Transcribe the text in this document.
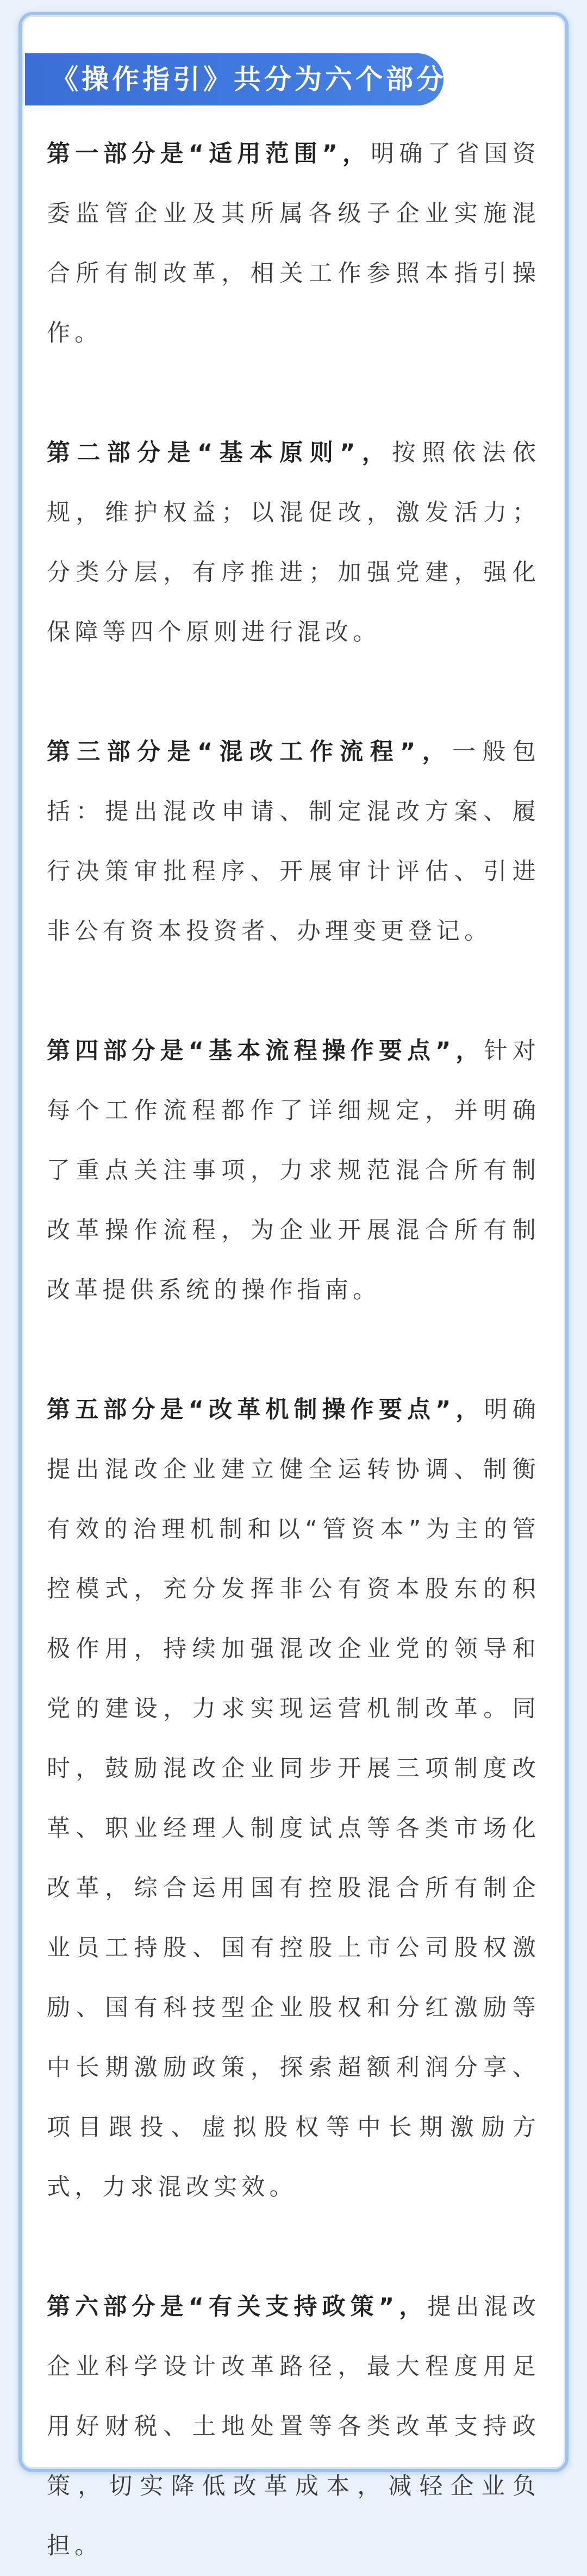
《操作指引》共分为六个部分

第一部分是“适用范围”，明确了省国资委监管企业及其所属各级子企业实施混合所有制改革，相关工作参照本指引操作。

第二部分是“基本原则”，按照依法依规，维护权益；以混促改，激发活力；分类分层，有序推进；加强党建，强化保障等四个原则进行混改。

第三部分是“混改工作流程”，一般包括：提出混改申请、制定混改方案、履行决策审批程序、开展审计评估、引进非公有资本投资者、办理变更登记。

第四部分是“基本流程操作要点”，针对每个工作流程都作了详细规定，并明确了重点关注事项，力求规范混合所有制改革操作流程，为企业开展混合所有制改革提供系统的操作指南。

第五部分是“改革机制操作要点”，明确提出混改企业建立健全运转协调、制衡有效的治理机制和以“管资本”为主的管控模式，充分发挥非公有资本股东的积极作用，持续加强混改企业党的领导和党的建设，力求实现运营机制改革。同时，鼓励混改企业同步开展三项制度改革、职业经理人制度试点等各类市场化改革，综合运用国有控股混合所有制企业员工持股、国有控股上市公司股权激励、国有科技型企业股权和分红激励等中长期激励政策，探索超额利润分享、项目跟投、虚拟股权等中长期激励方式，力求混改实效。

第六部分是“有关支持政策”，提出混改企业科学设计改革路径，最大程度用足用好财税、土地处置等各类改革支持政策，切实降低改革成本，减轻企业负担。
